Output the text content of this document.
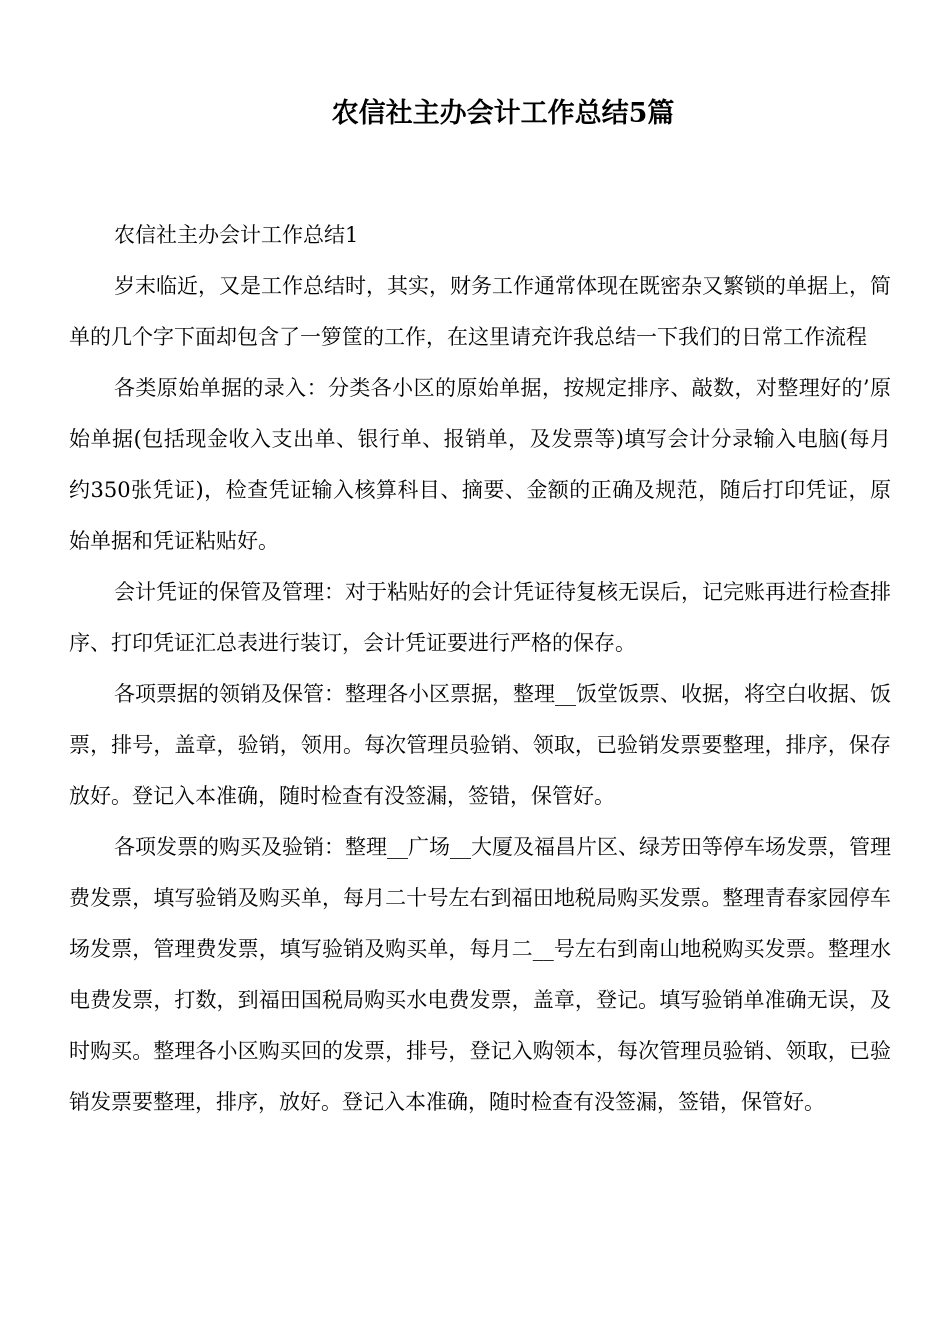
农信社主办会计工作总结5篇

农信社主办会计工作总结1

岁末临近，又是工作总结时，其实，财务工作通常体现在既密杂又繁锁的单据上，简单的几个字下面却包含了一箩筐的工作，在这里请充许我总结一下我们的日常工作流程

各类原始单据的录入：分类各小区的原始单据，按规定排序、敲数，对整理好的’原始单据(包括现金收入支出单、银行单、报销单，及发票等)填写会计分录输入电脑(每月约350张凭证)，检查凭证输入核算科目、摘要、金额的正确及规范，随后打印凭证，原始单据和凭证粘贴好。

会计凭证的保管及管理：对于粘贴好的会计凭证待复核无误后，记完账再进行检查排序、打印凭证汇总表进行装订，会计凭证要进行严格的保存。

各项票据的领销及保管：整理各小区票据，整理__饭堂饭票、收据，将空白收据、饭票，排号，盖章，验销，领用。每次管理员验销、领取，已验销发票要整理，排序，保存放好。登记入本准确，随时检查有没签漏，签错，保管好。

各项发票的购买及验销：整理__广场__大厦及福昌片区、绿芳田等停车场发票，管理费发票，填写验销及购买单，每月二十号左右到福田地税局购买发票。整理青春家园停车场发票，管理费发票，填写验销及购买单，每月二__号左右到南山地税购买发票。整理水电费发票，打数，到福田国税局购买水电费发票，盖章，登记。填写验销单准确无误，及时购买。整理各小区购买回的发票，排号，登记入购领本，每次管理员验销、领取，已验销发票要整理，排序，放好。登记入本准确，随时检查有没签漏，签错，保管好。
